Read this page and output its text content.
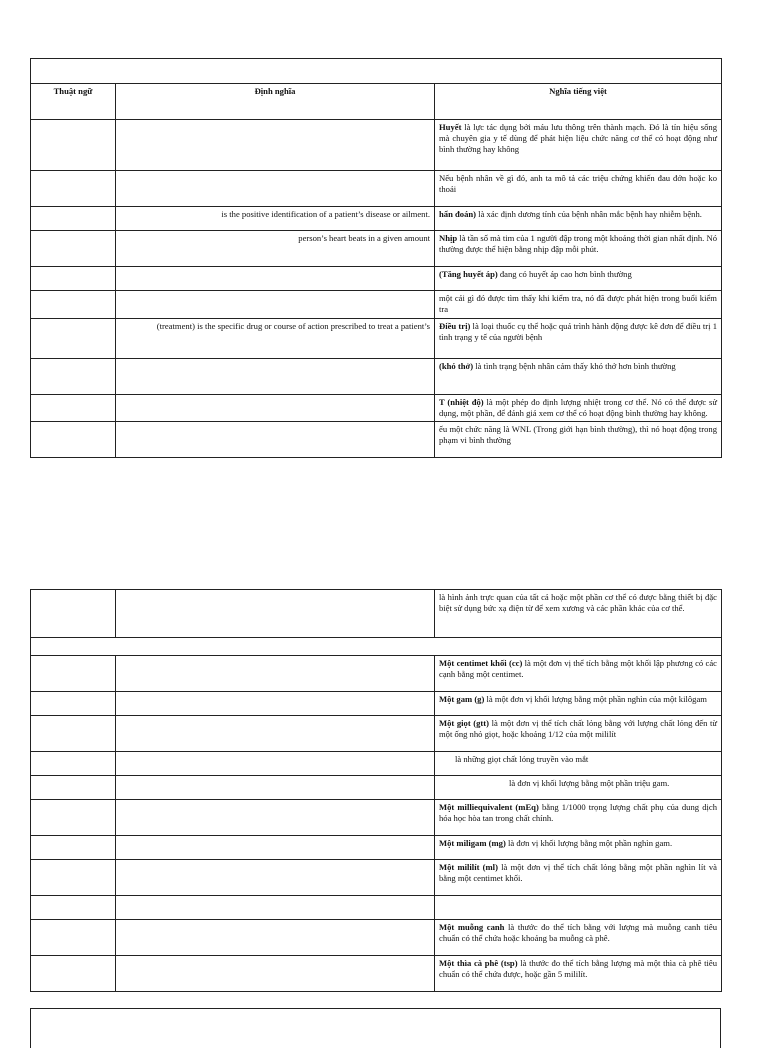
Thuật ngữ	Định nghĩa	Nghĩa tiếng việt
		Huyết là lực tác dụng bởi máu lưu thông trên thành mạch. Đó là tín hiệu sống mà chuyên gia y tế dùng để phát hiện liệu chức năng cơ thể có hoạt động như bình thường hay không
		Nếu bệnh nhân về gì đó, anh ta mô tả các triệu chứng khiến đau đớn hoặc ko thoải
	is the positive identification of a patient’s disease or ailment.	hẩn đoán) là xác định dương tính của bệnh nhân mắc bệnh hay nhiễm bệnh.
	person’s heart beats in a given amount	Nhịp là tần số mà tim của 1 người đập trong một khoảng thời gian nhất định. Nó thường được thể hiện bằng nhịp đập mỗi phút.
		(Tăng huyết áp) đang có huyết áp cao hơn bình thường
		một cái gì đó được tìm thấy khi kiểm tra, nó đã được phát hiện trong buổi kiểm tra
	(treatment) is the specific drug or course of action prescribed to treat a patient’s	Điều trị) là loại thuốc cụ thể hoặc quá trình hành động được kê đơn để điều trị 1 tình trạng y tế của người bệnh
		(khó thở) là tình trạng bệnh nhân cảm thấy khó thở hơn bình thường
		T (nhiệt độ) là một phép đo định lượng nhiệt trong cơ thể. Nó có thể được sử dụng, một phần, để đánh giá xem cơ thể có hoạt động bình thường hay không.
		ếu một chức năng là WNL (Trong giới hạn bình thường), thì nó hoạt động trong phạm vi bình thường
		là hình ảnh trực quan của tất cả hoặc một phần cơ thể có được bằng thiết bị đặc biệt sử dụng bức xạ điện từ để xem xương và các phần khác của cơ thể.

		Một centimet khối (cc) là một đơn vị thể tích bằng một khối lập phương có các cạnh bằng một centimet.
		Một gam (g) là một đơn vị khối lượng bằng một phần nghìn của một kilôgam
		Một giọt (gtt) là một đơn vị thể tích chất lỏng bằng với lượng chất lỏng đến từ một ống nhỏ giọt, hoặc khoảng 1/12 của một mililít
		là những giọt chất lỏng truyền vào mắt
		là đơn vị khối lượng bằng một phần triệu gam.
		Một milliequivalent (mEq) bằng 1/1000 trọng lượng chất phụ của dung dịch hóa học hòa tan trong chất chính.
		Một miligam (mg) là đơn vị khối lượng bằng một phần nghìn gam.
		Một mililít (ml) là một đơn vị thể tích chất lỏng bằng một phần nghìn lít và bằng một centimet khối.

		Một muỗng canh là thước đo thể tích bằng với lượng mà muỗng canh tiêu chuẩn có thể chứa hoặc khoảng ba muỗng cà phê.
		Một thìa cà phê (tsp) là thước đo thể tích bằng lượng mà một thìa cà phê tiêu chuẩn có thể chứa được, hoặc gần 5 mililít.
